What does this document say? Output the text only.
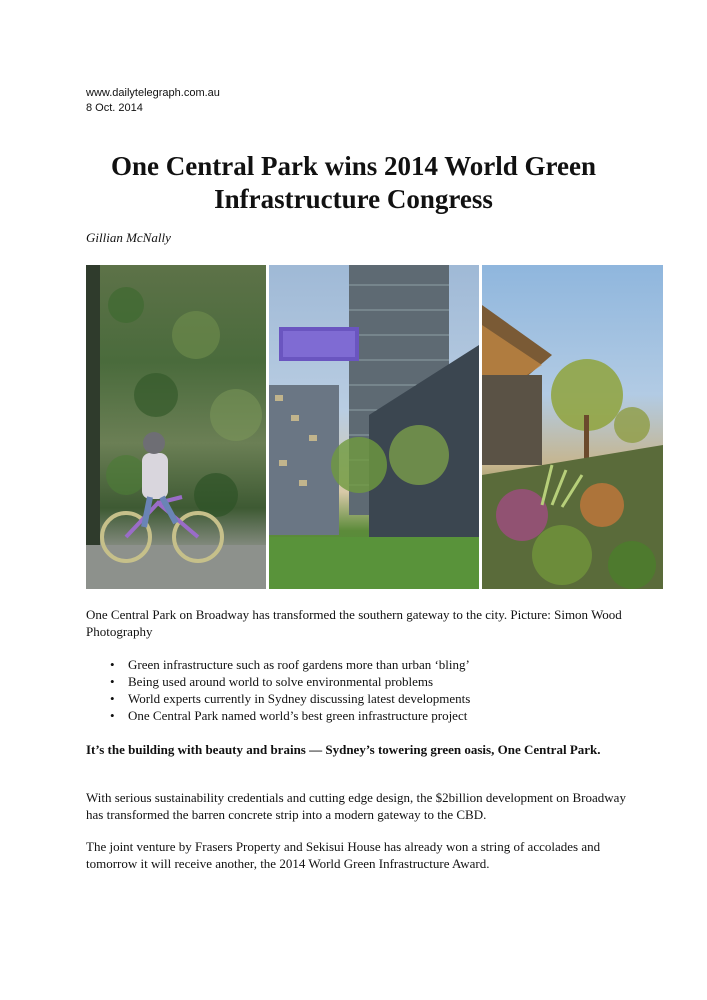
www.dailytelegraph.com.au
8 Oct. 2014
One Central Park wins 2014 World Green Infrastructure Congress
Gillian McNally

One Central Park on Broadway has transformed the southern gateway to the city. Picture: Simon Wood Photography

• Green infrastructure such as roof gardens more than urban ‘bling’
• Being used around world to solve environmental problems
• World experts currently in Sydney discussing latest developments
• One Central Park named world’s best green infrastructure project

It’s the building with beauty and brains — Sydney’s towering green oasis, One Central Park.

With serious sustainability credentials and cutting edge design, the $2billion development on Broadway has transformed the barren concrete strip into a modern gateway to the CBD.

The joint venture by Frasers Property and Sekisui House has already won a string of accolades and tomorrow it will receive another, the 2014 World Green Infrastructure Award.
